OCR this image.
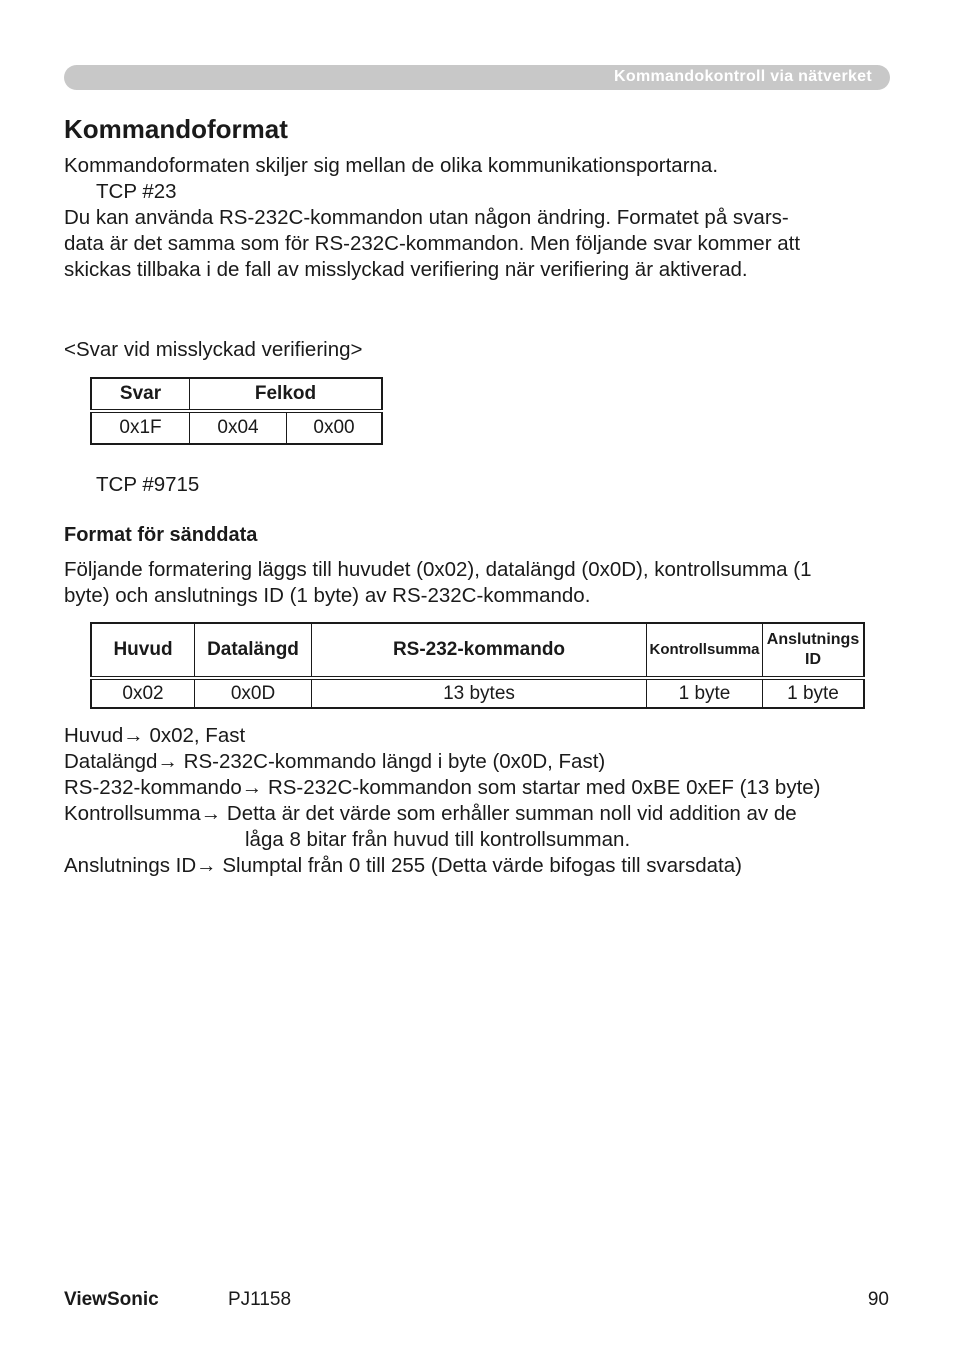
Kommandokontroll via nätverket
Kommandoformat

Kommandoformaten skiljer sig mellan de olika kommunikationsportarna.

TCP #23

Du kan använda RS-232C-kommandon utan någon ändring. Formatet på svars-

data är det samma som för RS-232C-kommandon. Men följande svar kommer att

skickas tillbaka i de fall av misslyckad verifiering när verifiering är aktiverad.

<Svar vid misslyckad verifiering>

Svar	Felkod	
0x1F	0x04	0x00

TCP #9715

Format för sänddata

Följande formatering läggs till huvudet (0x02), datalängd (0x0D), kontrollsumma (1

byte) och anslutnings ID (1 byte) av RS-232C-kommando.

Huvud	Datalängd	RS-232-kommando	Kontrollsumma	Anslutnings
ID
0x02	0x0D	13 bytes	1 byte	1 byte

Huvud→ 0x02, Fast

Datalängd→ RS-232C-kommando längd i byte (0x0D, Fast)

RS-232-kommando→ RS-232C-kommandon som startar med 0xBE 0xEF (13 byte)

Kontrollsumma→ Detta är det värde som erhåller summan noll vid addition av de

låga 8 bitar från huvud till kontrollsumman.

Anslutnings ID→ Slumptal från 0 till 255 (Detta värde bifogas till svarsdata)

ViewSonic	PJ1158	90
